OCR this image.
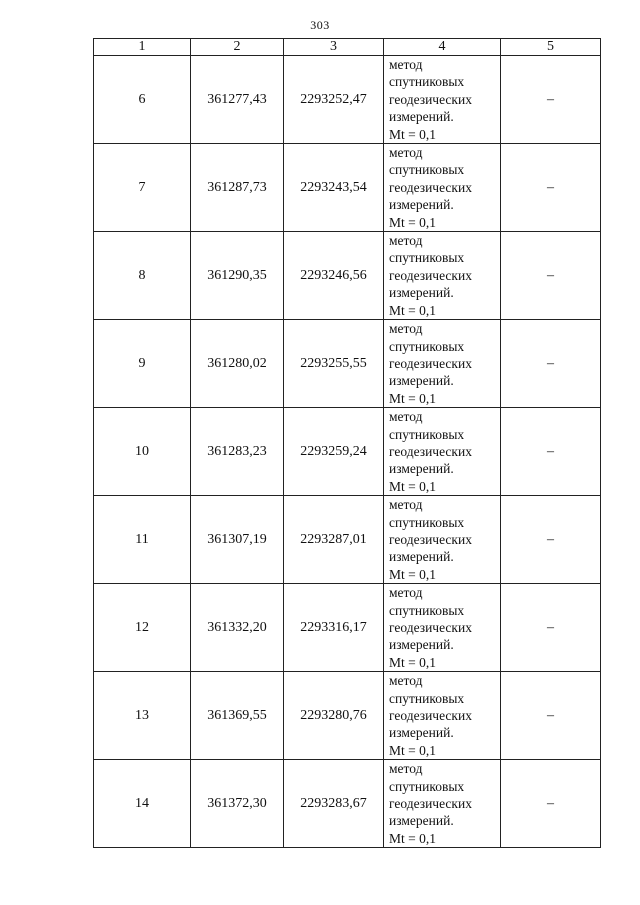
303
1	2	3	4	5
6	361277,43	2293252,47	метод
спутниковых
геодезических
измерений.
Mt = 0,1	–
7	361287,73	2293243,54	метод
спутниковых
геодезических
измерений.
Mt = 0,1	–
8	361290,35	2293246,56	метод
спутниковых
геодезических
измерений.
Mt = 0,1	–
9	361280,02	2293255,55	метод
спутниковых
геодезических
измерений.
Mt = 0,1	–
10	361283,23	2293259,24	метод
спутниковых
геодезических
измерений.
Mt = 0,1	–
11	361307,19	2293287,01	метод
спутниковых
геодезических
измерений.
Mt = 0,1	–
12	361332,20	2293316,17	метод
спутниковых
геодезических
измерений.
Mt = 0,1	–
13	361369,55	2293280,76	метод
спутниковых
геодезических
измерений.
Mt = 0,1	–
14	361372,30	2293283,67	метод
спутниковых
геодезических
измерений.
Mt = 0,1	–
